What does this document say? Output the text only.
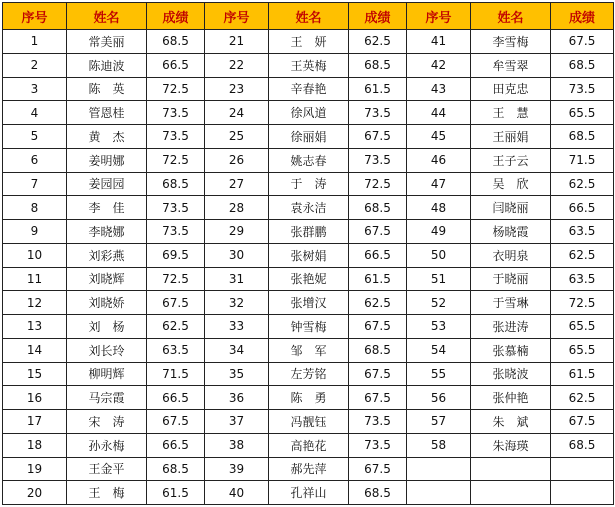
序号	姓名	成绩	序号	姓名	成绩	序号	姓名	成绩
1	常美丽	68.5	21	王　妍	62.5	41	李雪梅	67.5
2	陈迪波	66.5	22	王英梅	68.5	42	牟雪翠	68.5
3	陈　英	72.5	23	辛春艳	61.5	43	田克忠	73.5
4	管恩桂	73.5	24	徐风道	73.5	44	王　慧	65.5
5	黄　杰	73.5	25	徐丽娟	67.5	45	王丽娟	68.5
6	姜明娜	72.5	26	姚志春	73.5	46	王子云	71.5
7	姜园园	68.5	27	于　涛	72.5	47	吴　欣	62.5
8	李　佳	73.5	28	袁永洁	68.5	48	闫晓丽	66.5
9	李晓娜	73.5	29	张群鹏	67.5	49	杨晓霞	63.5
10	刘彩燕	69.5	30	张树娟	66.5	50	衣明泉	62.5
11	刘晓辉	72.5	31	张艳妮	61.5	51	于晓丽	63.5
12	刘晓娇	67.5	32	张增汉	62.5	52	于雪琳	72.5
13	刘　杨	62.5	33	钟雪梅	67.5	53	张进涛	65.5
14	刘长玲	63.5	34	邹　军	68.5	54	张慕楠	65.5
15	柳明辉	71.5	35	左芳铭	67.5	55	张晓波	61.5
16	马宗霞	66.5	36	陈　勇	67.5	56	张仲艳	62.5
17	宋　涛	67.5	37	冯靓钰	73.5	57	朱　斌	67.5
18	孙永梅	66.5	38	高艳花	73.5	58	朱海瑛	68.5
19	王金平	68.5	39	郝先萍	67.5			
20	王　梅	61.5	40	孔祥山	68.5			
